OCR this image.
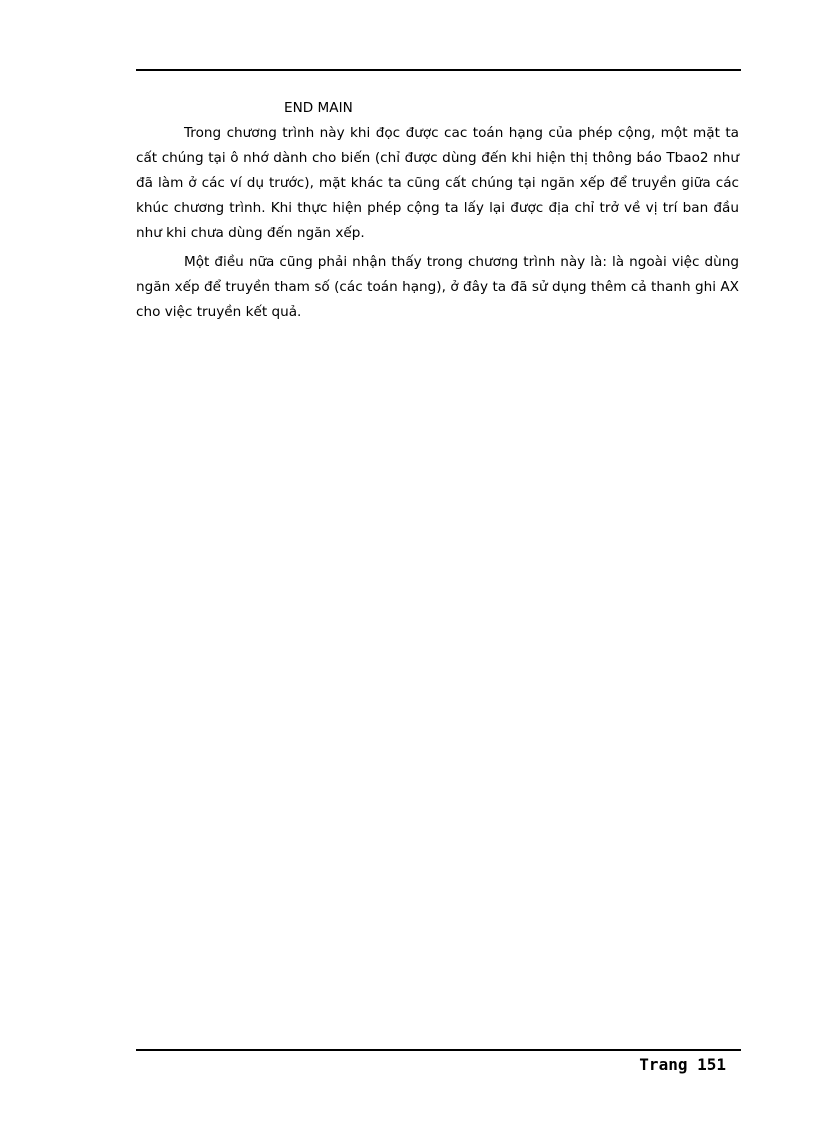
END MAIN

Trong chương trình này khi đọc được cac toán hạng của phép cộng, một mặt ta cất chúng tại ô nhớ dành cho biến (chỉ được dùng đến khi hiện thị thông báo Tbao2 như đã làm ở các ví dụ trước), mặt khác ta cũng cất chúng tại ngăn xếp để truyền giữa các khúc chương trình. Khi thực hiện phép cộng ta lấy lại được địa chỉ trở về vị trí ban đầu như khi chưa dùng đến ngăn xếp.

Một điều nữa cũng phải nhận thấy trong chương trình này là: là ngoài việc dùng ngăn xếp để truyền tham số (các toán hạng), ở đây ta đã sử dụng thêm cả thanh ghi AX cho việc truyền kết quả.

Trang 151
